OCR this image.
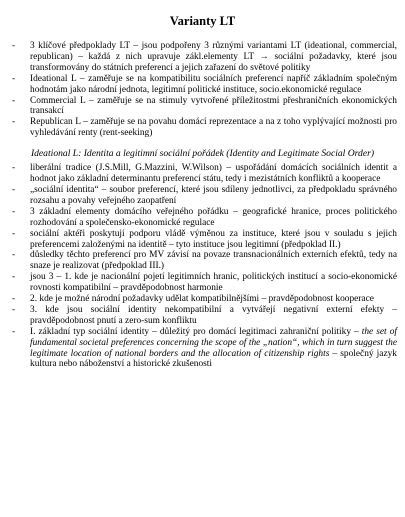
Varianty LT
- 3 klíčové předpoklady LT – jsou podpořeny 3 různými variantami LT (ideational, commercial, republican) – každá z nich upravuje zákl.elementy LT → sociální požadavky, které jsou transformovány do státních preferencí a jejich zařazení do světové politiky
- Ideational L – zaměřuje se na kompatibilitu sociálních preferencí napříč základním společným hodnotám jako národní jednota, legitimní politické instituce, socio.ekonomické regulace
- Commercial L – zaměřuje se na stimuly vytvořené příležitostmi přeshraničních ekonomických transakcí
- Republican L – zaměřuje se na povahu domácí reprezentace a na z toho vyplývající možnosti pro vyhledávání renty (rent-seeking)
Ideational L: Identita a legitimní sociální pořádek (Identity and Legitimate Social Order)
- liberální tradice (J.S.Mill, G.Mazzini, W.Wilson) – uspořádání domácích sociálních identit a hodnot jako základní determinantu preferencí státu, tedy i mezistátních konfliktů a kooperace
- „sociální identita“ – soubor preferencí, které jsou sdíleny jednotlivci, za předpokladu správného rozsahu a povahy veřejného zaopatření
- 3 základní elementy domácího veřejného pořádku – geografické hranice, proces politického rozhodování a společensko-ekonomické regulace
- sociální aktéři poskytují podporu vládě výměnou za instituce, které jsou v souladu s jejich preferencemi založenými na identitě – tyto instituce jsou legitimní (předpoklad II.)
- důsledky těchto preferencí pro MV závisí na povaze transnacionálních externích efektů, tedy na snaze je realizovat (předpoklad III.)
- jsou 3 – 1. kde je nacionální pojetí legitimních hranic, politických institucí a socio-ekonomické rovnosti kompatibilní – pravděpodobnost harmonie
- 2. kde je možné národní požadavky udělat kompatibilnějšími – pravděpodobnost kooperace
- 3. kde jsou sociální identity nekompatibilní a vytvářejí negativní externí efekty – pravděpodobnost pnutí a zero-sum konfliktu
- I. základní typ sociální identity – důležitý pro domácí legitimaci zahraniční politiky – the set of fundamental societal preferences concerning the scope of the „nation“, which in turn suggest the legitimate location of national borders and the allocation of citizenship rights – společný jazyk kultura nebo náboženství a historické zkušenosti
